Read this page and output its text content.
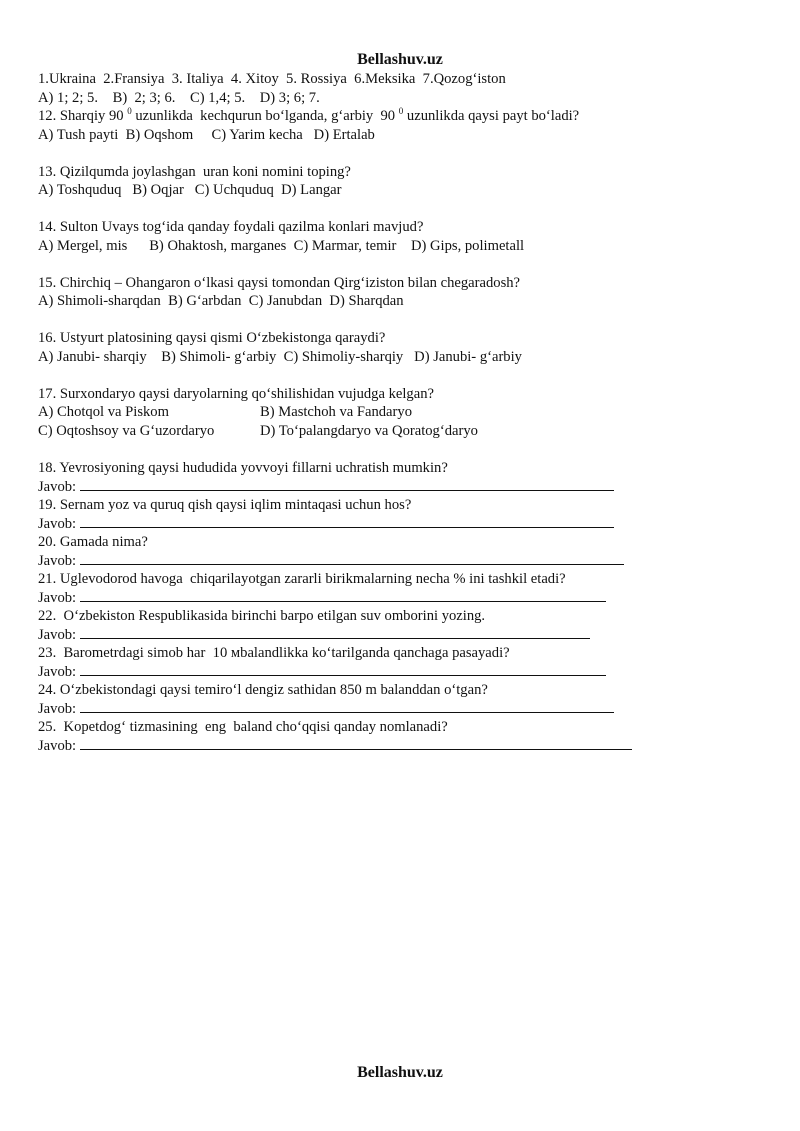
Bellashuv.uz
1.Ukraina  2.Fransiya  3. Italiya  4. Xitoy  5. Rossiya  6.Meksika  7.Qozog‘iston
A) 1; 2; 5.    B)  2; 3; 6.    C) 1,4; 5.    D) 3; 6; 7.
12. Sharqiy 90 $^0$ uzunlikda  kechqurun bo‘lganda, g‘arbiy  90 $^0$ uzunlikda qaysi payt bo‘ladi?
A) Tush payti  B) Oqshom     C) Yarim kecha   D) Ertalab
13. Qizilqumda joylashgan  uran koni nomini toping?
A) Toshquduq   B) Oqjar   C) Uchquduq  D) Langar
14. Sulton Uvays tog‘ida qanday foydali qazilma konlari mavjud?
A) Mergel, mis      B) Ohaktosh, marganes  C) Marmar, temir    D) Gips, polimetall
15. Chirchiq – Ohangaron o‘lkasi qaysi tomondan Qirg‘iziston bilan chegaradosh?
A) Shimoli-sharqdan  B) G‘arbdan  C) Janubdan  D) Sharqdan
16. Ustyurt platosining qaysi qismi O‘zbekistonga qaraydi?
A) Janubi- sharqiy    B) Shimoli- g‘arbiy  C) Shimoliy-sharqiy   D) Janubi- g‘arbiy
17. Surxondaryo qaysi daryolarning qo‘shilishidan vujudga kelgan?
A) Chotqol va Piskom	B) Mastchoh va Fandaryo
C) Oqtoshsoy va G‘uzordaryo	D) To‘palangdaryo va Qoratog‘daryo
18. Yevrosiyoning qaysi hududida yovvoyi fillarni uchratish mumkin?
Javob:
19. Sernam yoz va quruq qish qaysi iqlim mintaqasi uchun hos?
Javob:
20. Gamada nima?
Javob:
21. Uglevodorod havoga  chiqarilayotgan zararli birikmalarning necha % ini tashkil etadi?
Javob:
22.  O‘zbekiston Respublikasida birinchi barpo etilgan suv omborini yozing.
Javob:
23.  Barometrdagi simob har  10 мbalandlikka ko‘tarilganda qanchaga pasayadi?
Javob:
24. O‘zbekistondagi qaysi temiro‘l dengiz sathidan 850 m balanddan o‘tgan?
Javob:
25.  Kopetdog‘ tizmasining  eng  baland cho‘qqisi qanday nomlanadi?
Javob:
Bellashuv.uz
